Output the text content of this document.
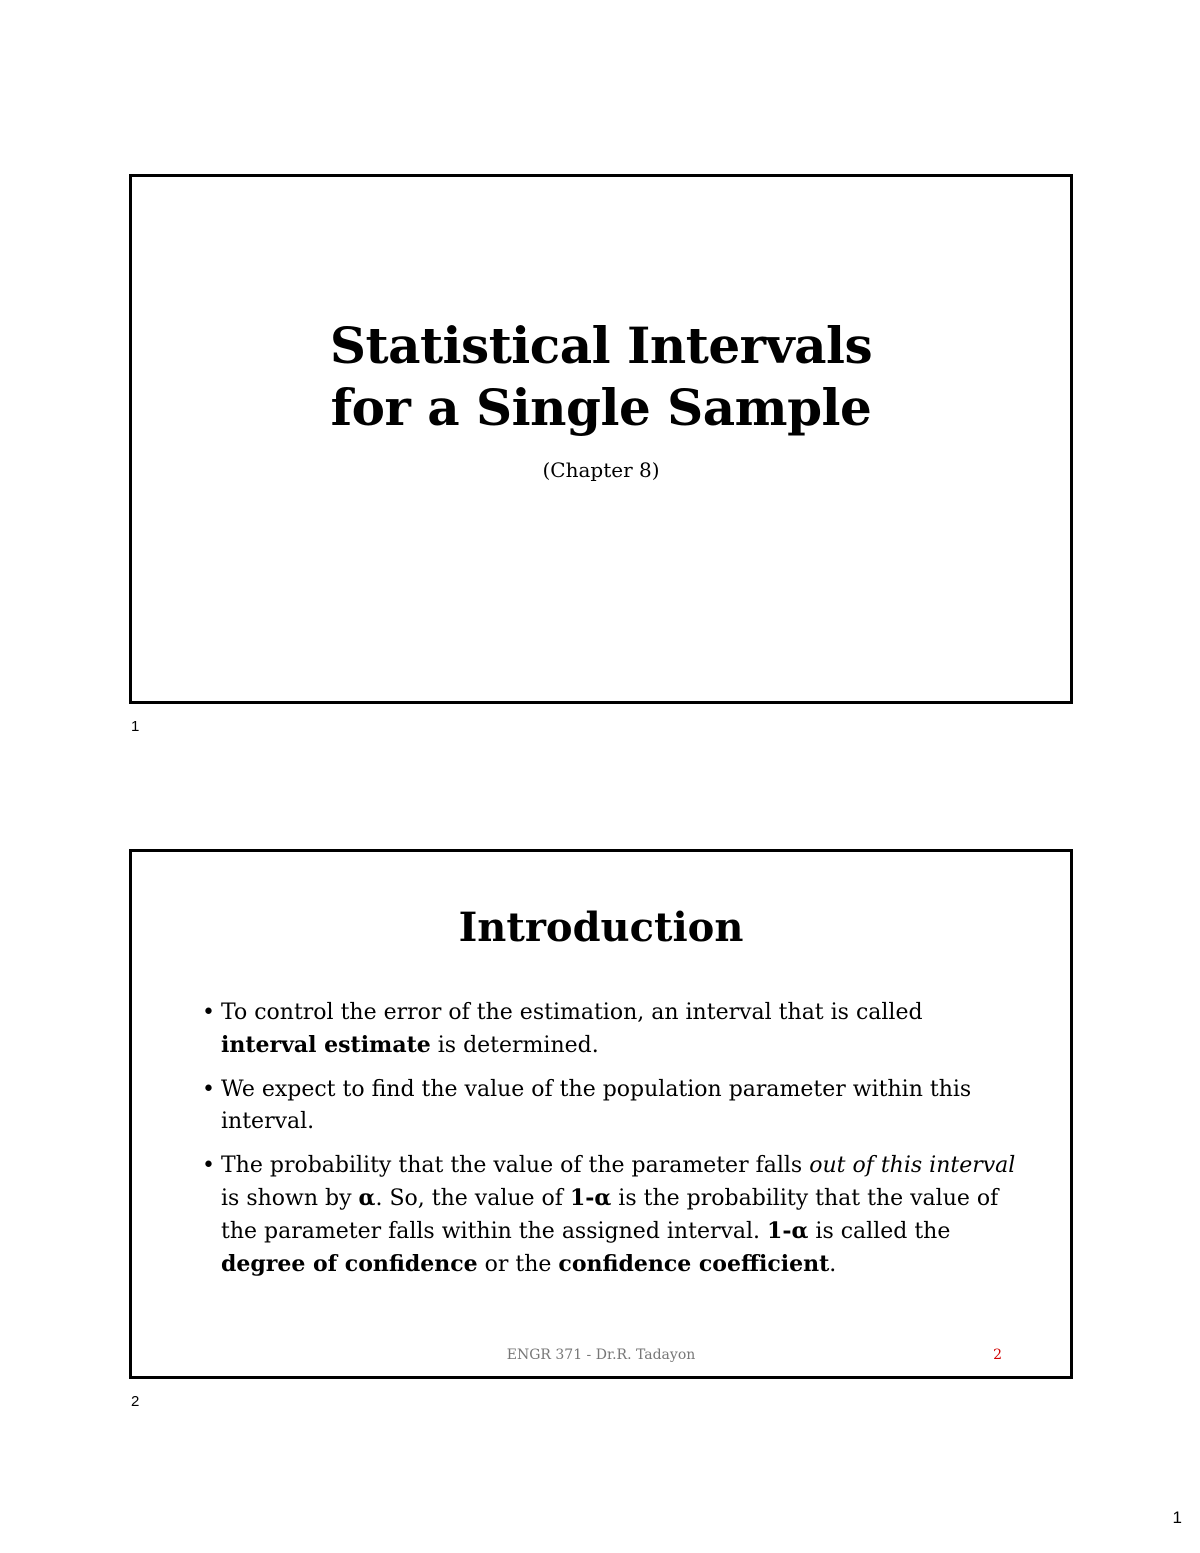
Statistical Intervals
for a Single Sample
(Chapter 8)
1
Introduction
• To control the error of the estimation, an interval that is called interval estimate is determined.
• We expect to find the value of the population parameter within this interval.
• The probability that the value of the parameter falls out of this interval is shown by α. So, the value of 1-α is the probability that the value of the parameter falls within the assigned interval. 1-α is called the degree of confidence or the confidence coefficient.
ENGR 371 - Dr.R. Tadayon	2
2
1
